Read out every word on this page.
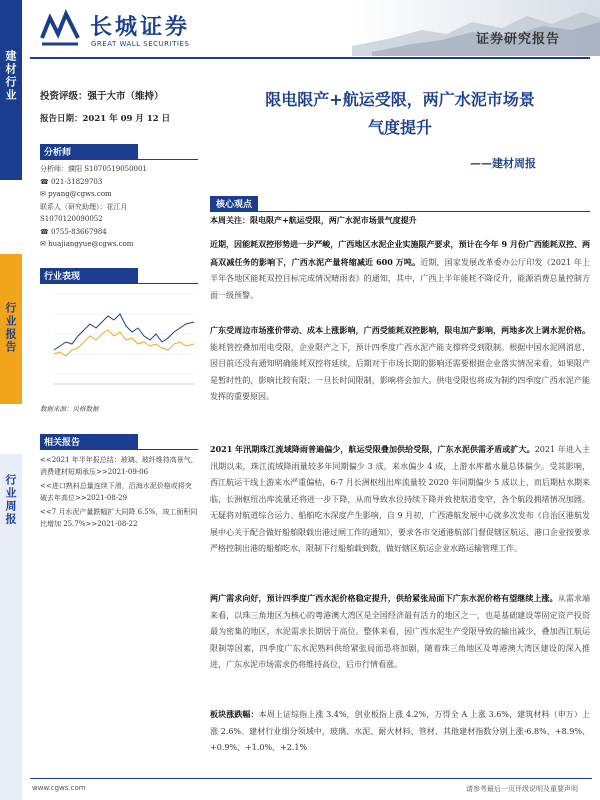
建材行业
行业报告
行业周报
长城证券
GREAT WALL SECURITIES	证券研究报告
投资评级：强于大市（维持）
报告日期：2021 年 09 月 12 日
分析师
分析师：濮阳 S1070519050001
☎ 021-31829703
✉ pyang@cgws.com
联系人（研究助理）：花江月
S1070120090052
☎ 0755-83667984
✉ huajiangyue@cgws.com
行业表现
数据来源：贝格数据
相关报告
<<2021 年半年报总结：玻璃、玻纤维持高景气，消费建材短期承压>>2021-09-06
<<进口熟料总量连续下滑，沿海水泥价格或将突破去年高位>>2021-08-29
<<7 月水泥产量跌幅扩大同降 6.5%，竣工面积同比增加 25.7%>>2021-08-22
限电限产+航运受限，两广水泥市场景
气度提升
——建材周报
核心观点
本周关注：限电限产+航运受限，两广水泥市场景气度提升
近期，因能耗双控形势进一步严峻，广西地区水泥企业实施限产要求，预计在今年 9 月份广西能耗双控、两高双减任务的影响下，广西水泥产量将缩减近 600 万吨。近期，国家发展改革委办公厅印发《2021 年上半年各地区能耗双控目标完成情况晴雨表》的通知，其中，广西上半年能耗不降反升，能源消费总量控制方面一级预警。
广东受周边市场涨价带动、成本上涨影响，广西受能耗双控影响，限电加产影响，两地多次上调水泥价格。能耗管控叠加用电受限，企业限产之下，预计四季度广西水泥产能支撑将受到限制。根据中国水泥网消息，因目前还没有通知明确能耗双控将延续，后期对于市场长期的影响还需要根据企业落实情况来看，如果限产是暂时性的，影响比较有限；一旦长时间限制，影响将会加大。供电受限也将成为制约四季度广西水泥产能发挥的重要原因。
2021 年汛期珠江流域降雨普遍偏少，航运受限叠加供给受限，广东水泥供需矛盾或扩大。2021 年进入主汛期以来，珠江流域降雨量较多年同期偏少 3 成，来水偏少 4 成，上游水库蓄水量总体偏少。受其影响，西江航运干线上游来水严重偏枯，6-7 月长洲枢纽出库流量较 2020 年同期偏少 5 成以上，而后期枯水期来临，长洲枢纽出库流量还将进一步下降，从而导致水位持续下降并致使航道变窄，各个航段拥堵情况加剧。无疑将对航道综合运力、船舶吃水深度产生影响，自 9 月初，广西港航发展中心就多次发布《自治区港航发展中心关于配合做好船舶限载出港过闸工作的通知》，要求各市交通港航部门督促辖区航运、港口企业按要求严格控制出港的船舶吃水，限制下行船舶载到数，做好辖区航运企业水路运输管理工作。
两广需求向好，预计四季度广西水泥价格稳定提升，供给紧张局面下广东水泥价格有望继续上涨。从需求端来看，以珠三角地区为核心的粤港澳大湾区是全国经济最有活力的地区之一，也是基础建设等固定资产投资最为密集的地区，水泥需求长期居于高位。整体来看，因广西水泥生产受限导致的输出减少，叠加西江航运限制等因素，四季度广东水泥熟料供给紧张局面恐将加剧，随着珠三角地区及粤港澳大湾区建设的深入推进，广东水泥市场需求仍将维持高位，后市行情看涨。
板块涨跌幅：本周上证综指上涨 3.4%，创业板指上涨 4.2%，万得全 A 上涨 3.6%，建筑材料（申万）上涨 2.6%。建材行业细分领域中，玻璃、水泥、耐火材料、管材、其他建材指数分别上涨-6.8%、+8.9%、+0.9%、+1.0%、+2.1%
www.cgws.com	请参考最后一页评级说明及重要声明
